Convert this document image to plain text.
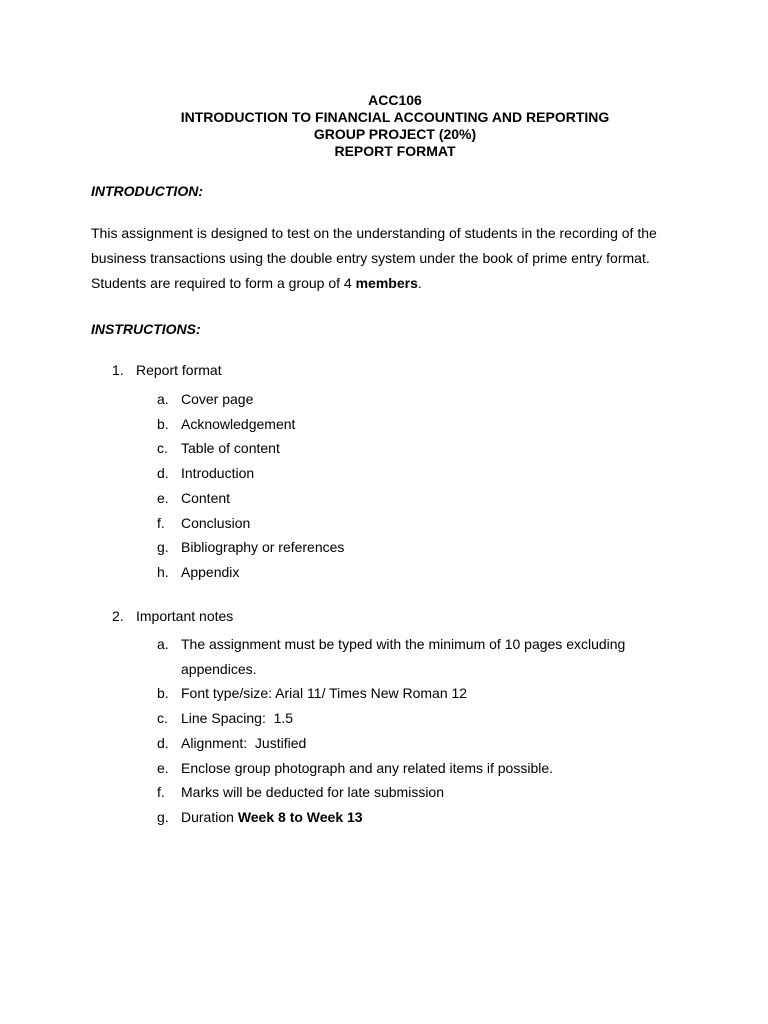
ACC106
INTRODUCTION TO FINANCIAL ACCOUNTING AND REPORTING
GROUP PROJECT (20%)
REPORT FORMAT
INTRODUCTION:
This assignment is designed to test on the understanding of students in the recording of the
business transactions using the double entry system under the book of prime entry format.
Students are required to form a group of 4 members.
INSTRUCTIONS:
1. Report format
a. Cover page
b. Acknowledgement
c. Table of content
d. Introduction
e. Content
f. Conclusion
g. Bibliography or references
h. Appendix
2. Important notes
a. The assignment must be typed with the minimum of 10 pages excluding appendices.
b. Font type/size: Arial 11/ Times New Roman 12
c. Line Spacing:  1.5
d. Alignment:  Justified
e. Enclose group photograph and any related items if possible.
f. Marks will be deducted for late submission
g. Duration Week 8 to Week 13
